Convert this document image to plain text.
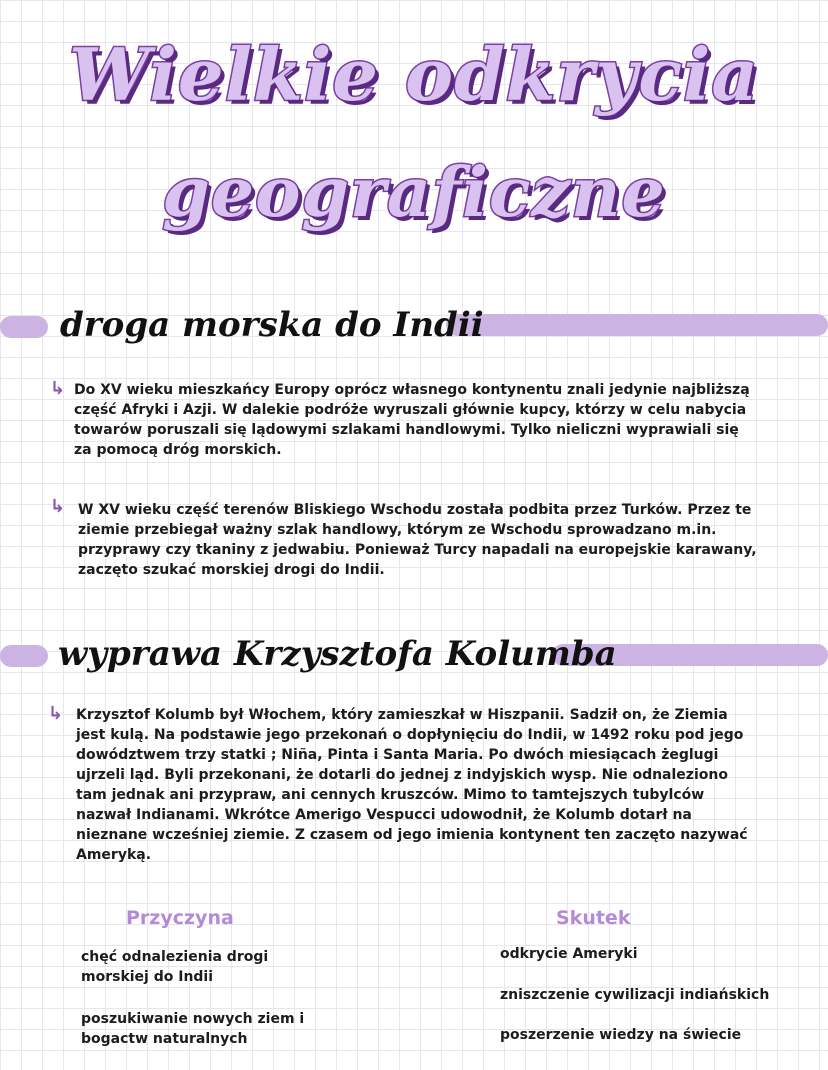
Wielkie odkrycia
geograficzne
droga morska do Indii
↳ Do XV wieku mieszkańcy Europy oprócz własnego kontynentu znali jedynie najbliższą część Afryki i Azji. W dalekie podróże wyruszali głównie kupcy, którzy w celu nabycia towarów poruszali się lądowymi szlakami handlowymi. Tylko nieliczni wyprawiali się za pomocą dróg morskich.

↳ W XV wieku część terenów Bliskiego Wschodu została podbita przez Turków. Przez te ziemie przebiegał ważny szlak handlowy, którym ze Wschodu sprowadzano m.in. przyprawy czy tkaniny z jedwabiu. Ponieważ Turcy napadali na europejskie karawany, zaczęto szukać morskiej drogi do Indii.

wyprawa Krzysztofa Kolumba
↳ Krzysztof Kolumb był Włochem, który zamieszkał w Hiszpanii. Sadził on, że Ziemia jest kulą. Na podstawie jego przekonań o dopłynięciu do Indii, w 1492 roku pod jego dowództwem trzy statki ; Niña, Pinta i Santa Maria. Po dwóch miesiącach żeglugi ujrzeli ląd. Byli przekonani, że dotarli do jednej z indyjskich wysp. Nie odnaleziono tam jednak ani przypraw, ani cennych kruszców. Mimo to tamtejszych tubylców nazwał Indianami. Wkrótce Amerigo Vespucci udowodnił, że Kolumb dotarł na nieznane wcześniej ziemie. Z czasem od jego imienia kontynent ten zaczęto nazywać Ameryką.

Przyczyna

chęć odnalezienia drogi morskiej do Indii

poszukiwanie nowych ziem i bogactw naturalnych

Skutek

odkrycie Ameryki

zniszczenie cywilizacji indiańskich

poszerzenie wiedzy na świecie
